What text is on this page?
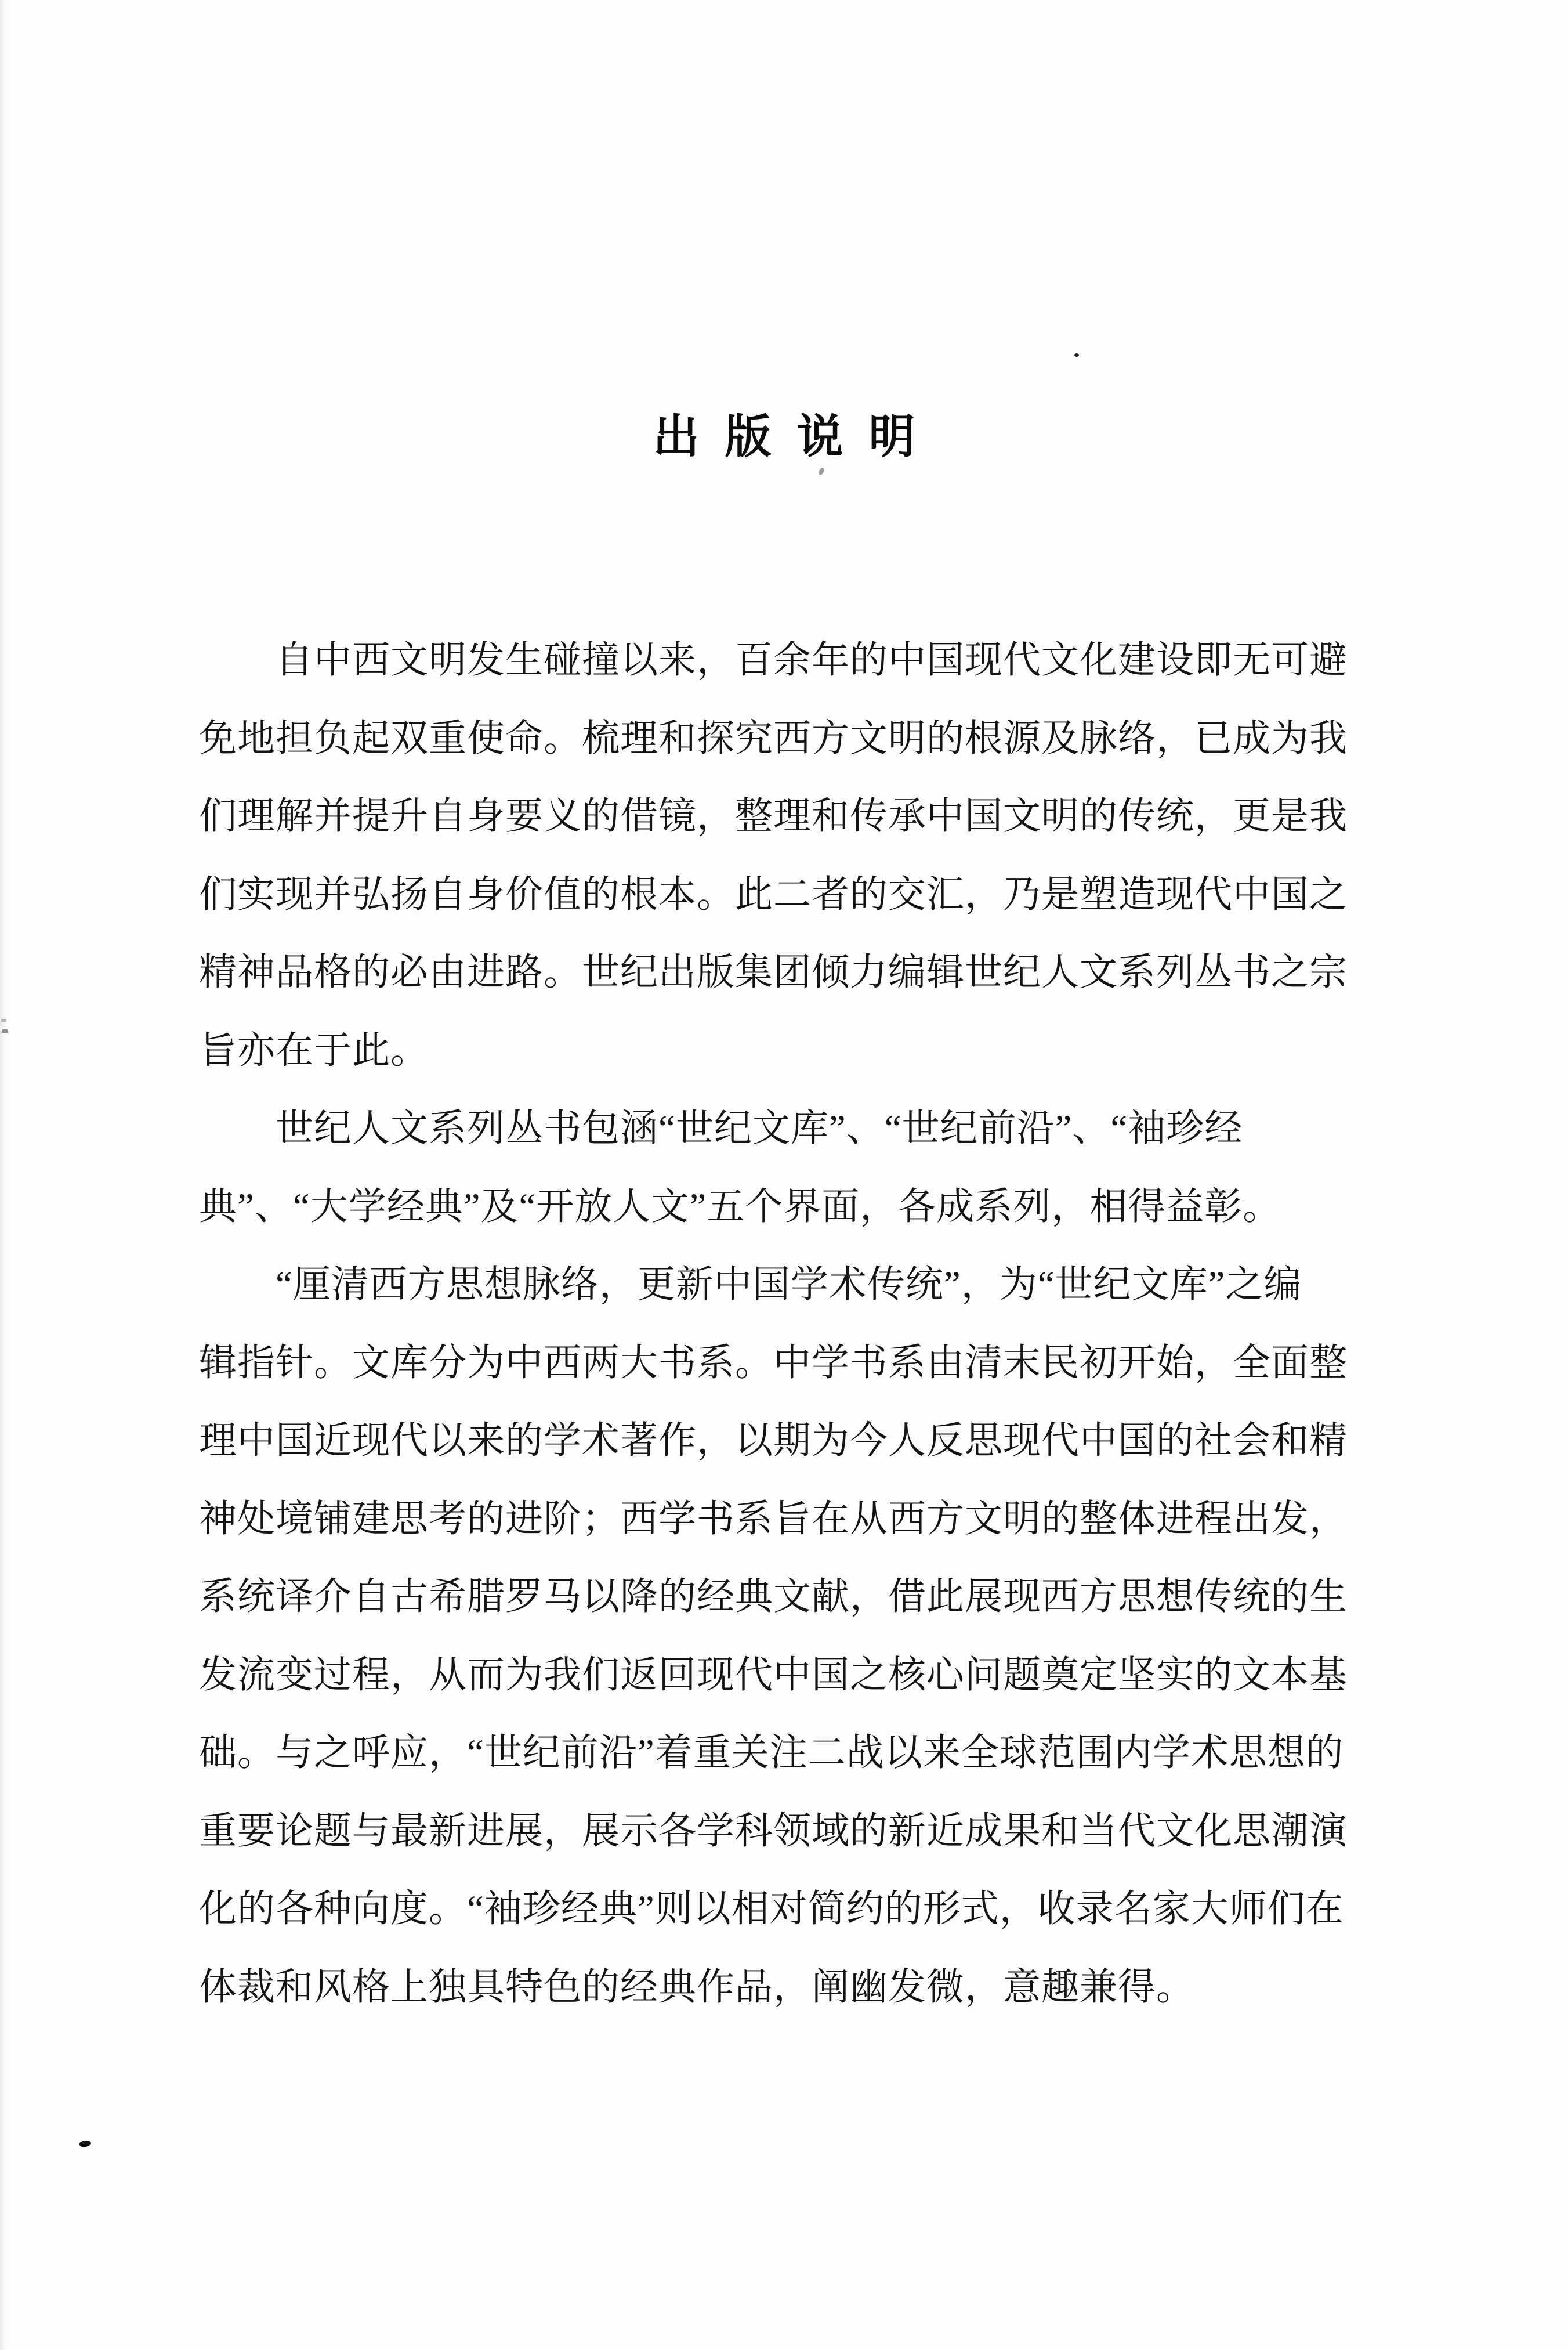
出版说明
自中西文明发生碰撞以来，百余年的中国现代文化建设即无可避
免地担负起双重使命。梳理和探究西方文明的根源及脉络，已成为我
们理解并提升自身要义的借镜，整理和传承中国文明的传统，更是我
们实现并弘扬自身价值的根本。此二者的交汇，乃是塑造现代中国之
精神品格的必由进路。世纪出版集团倾力编辑世纪人文系列丛书之宗
旨亦在于此。
世纪人文系列丛书包涵“世纪文库”、“世纪前沿”、“袖珍经
典”、“大学经典”及“开放人文”五个界面，各成系列，相得益彰。
“厘清西方思想脉络，更新中国学术传统”，为“世纪文库”之编
辑指针。文库分为中西两大书系。中学书系由清末民初开始，全面整
理中国近现代以来的学术著作，以期为今人反思现代中国的社会和精
神处境铺建思考的进阶；西学书系旨在从西方文明的整体进程出发，
系统译介自古希腊罗马以降的经典文献，借此展现西方思想传统的生
发流变过程，从而为我们返回现代中国之核心问题奠定坚实的文本基
础。与之呼应，“世纪前沿”着重关注二战以来全球范围内学术思想的
重要论题与最新进展，展示各学科领域的新近成果和当代文化思潮演
化的各种向度。“袖珍经典”则以相对简约的形式，收录名家大师们在
体裁和风格上独具特色的经典作品，阐幽发微，意趣兼得。
